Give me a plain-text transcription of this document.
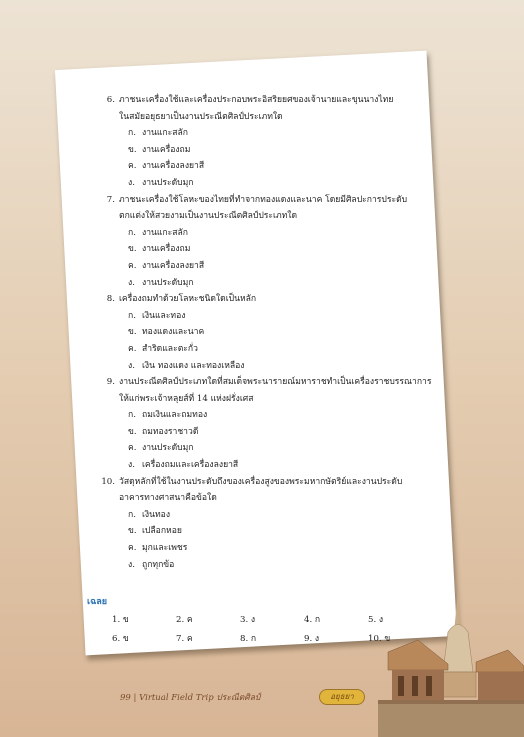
6. ภาชนะเครื่องใช้และเครื่องประกอบพระอิสริยยศของเจ้านายและขุนนางไทย
ในสมัยอยุธยาเป็นงานประณีตศิลป์ประเภทใด
ก. งานแกะสลัก
ข. งานเครื่องถม
ค. งานเครื่องลงยาสี
ง. งานประดับมุก
7. ภาชนะเครื่องใช้โลหะของไทยที่ทำจากทองแดงและนาค โดยมีศิลปะการประดับ
ตกแต่งให้สวยงามเป็นงานประณีตศิลป์ประเภทใด
ก. งานแกะสลัก
ข. งานเครื่องถม
ค. งานเครื่องลงยาสี
ง. งานประดับมุก
8. เครื่องถมทำด้วยโลหะชนิดใดเป็นหลัก
ก. เงินและทอง
ข. ทองแดงและนาค
ค. สำริดและตะกั่ว
ง. เงิน ทองแดง และทองเหลือง
9. งานประณีตศิลป์ประเภทใดที่สมเด็จพระนารายณ์มหาราชทำเป็นเครื่องราชบรรณาการ
ให้แก่พระเจ้าหลุยส์ที่ 14 แห่งฝรั่งเศส
ก. ถมเงินและถมทอง
ข. ถมทองราชาวดี
ค. งานประดับมุก
ง. เครื่องถมและเครื่องลงยาสี
10. วัสดุหลักที่ใช้ในงานประดับถึงของเครื่องสูงของพระมหากษัตริย์และงานประดับ
อาคารทางศาสนาคือข้อใด
ก. เงินทอง
ข. เปลือกหอย
ค. มุกและเพชร
ง. ถูกทุกข้อ
เฉลย
1. ข	2. ค	3. ง	4. ก	5. ง
6. ข	7. ค	8. ก	9. ง	10. ข
99 | Virtual Field Trip ประณีตศิลป์	อยุธยา
